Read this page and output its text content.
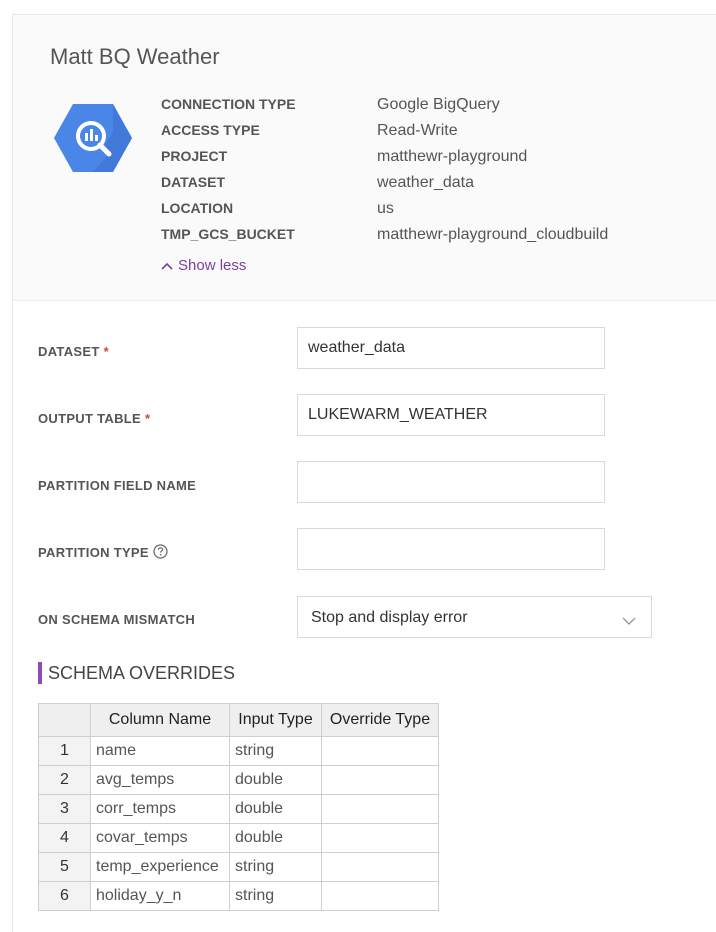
Matt BQ Weather
CONNECTION TYPE	Google BigQuery
ACCESS TYPE	Read-Write
PROJECT	matthewr-playground
DATASET	weather_data
LOCATION	us
TMP_GCS_BUCKET	matthewr-playground_cloudbuild
Show less
DATASET *
weather_data
OUTPUT TABLE *
LUKEWARM_WEATHER
PARTITION FIELD NAME
PARTITION TYPE
ON SCHEMA MISMATCH	Stop and display error
SCHEMA OVERRIDES
	Column Name	Input Type	Override Type
1	name	string	
2	avg_temps	double	
3	corr_temps	double	
4	covar_temps	double	
5	temp_experience	string	
6	holiday_y_n	string	
